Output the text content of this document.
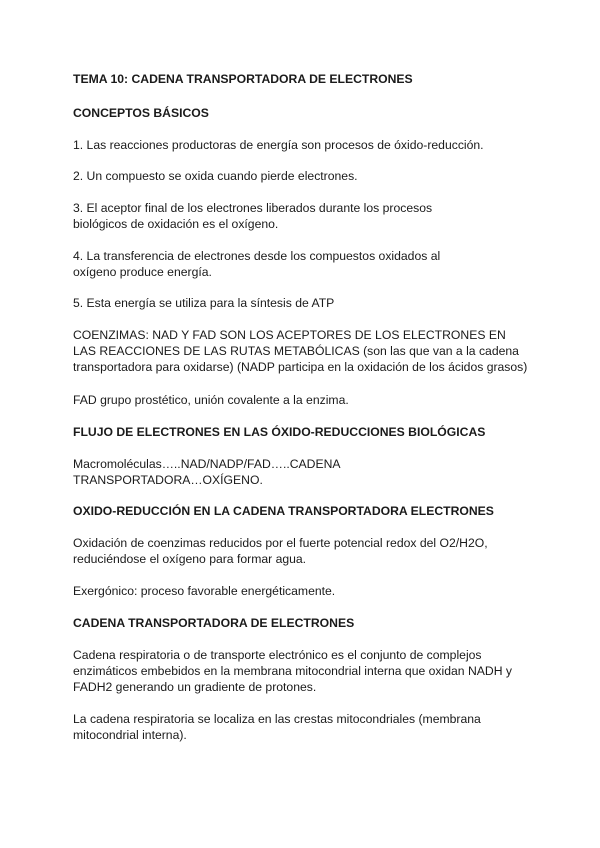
TEMA 10: CADENA TRANSPORTADORA DE ELECTRONES
CONCEPTOS BÁSICOS
1. Las reacciones productoras de energía son procesos de óxido-reducción.
2. Un compuesto se oxida cuando pierde electrones.
3. El aceptor final de los electrones liberados durante los procesos
biológicos de oxidación es el oxígeno.
4. La transferencia de electrones desde los compuestos oxidados al
oxígeno produce energía.
5. Esta energía se utiliza para la síntesis de ATP
COENZIMAS: NAD Y FAD SON LOS ACEPTORES DE LOS ELECTRONES EN
LAS REACCIONES DE LAS RUTAS METABÓLICAS (son las que van a la cadena
transportadora para oxidarse) (NADP participa en la oxidación de los ácidos grasos)
FAD grupo prostético, unión covalente a la enzima.
FLUJO DE ELECTRONES EN LAS ÓXIDO-REDUCCIONES BIOLÓGICAS
Macromoléculas…..NAD/NADP/FAD…..CADENA
TRANSPORTADORA…OXÍGENO.
OXIDO-REDUCCIÓN EN LA CADENA TRANSPORTADORA ELECTRONES
Oxidación de coenzimas reducidos por el fuerte potencial redox del O2/H2O,
reduciéndose el oxígeno para formar agua.
Exergónico: proceso favorable energéticamente.
CADENA TRANSPORTADORA DE ELECTRONES
Cadena respiratoria o de transporte electrónico es el conjunto de complejos
enzimáticos embebidos en la membrana mitocondrial interna que oxidan NADH y
FADH2 generando un gradiente de protones.
La cadena respiratoria se localiza en las crestas mitocondriales (membrana
mitocondrial interna).
